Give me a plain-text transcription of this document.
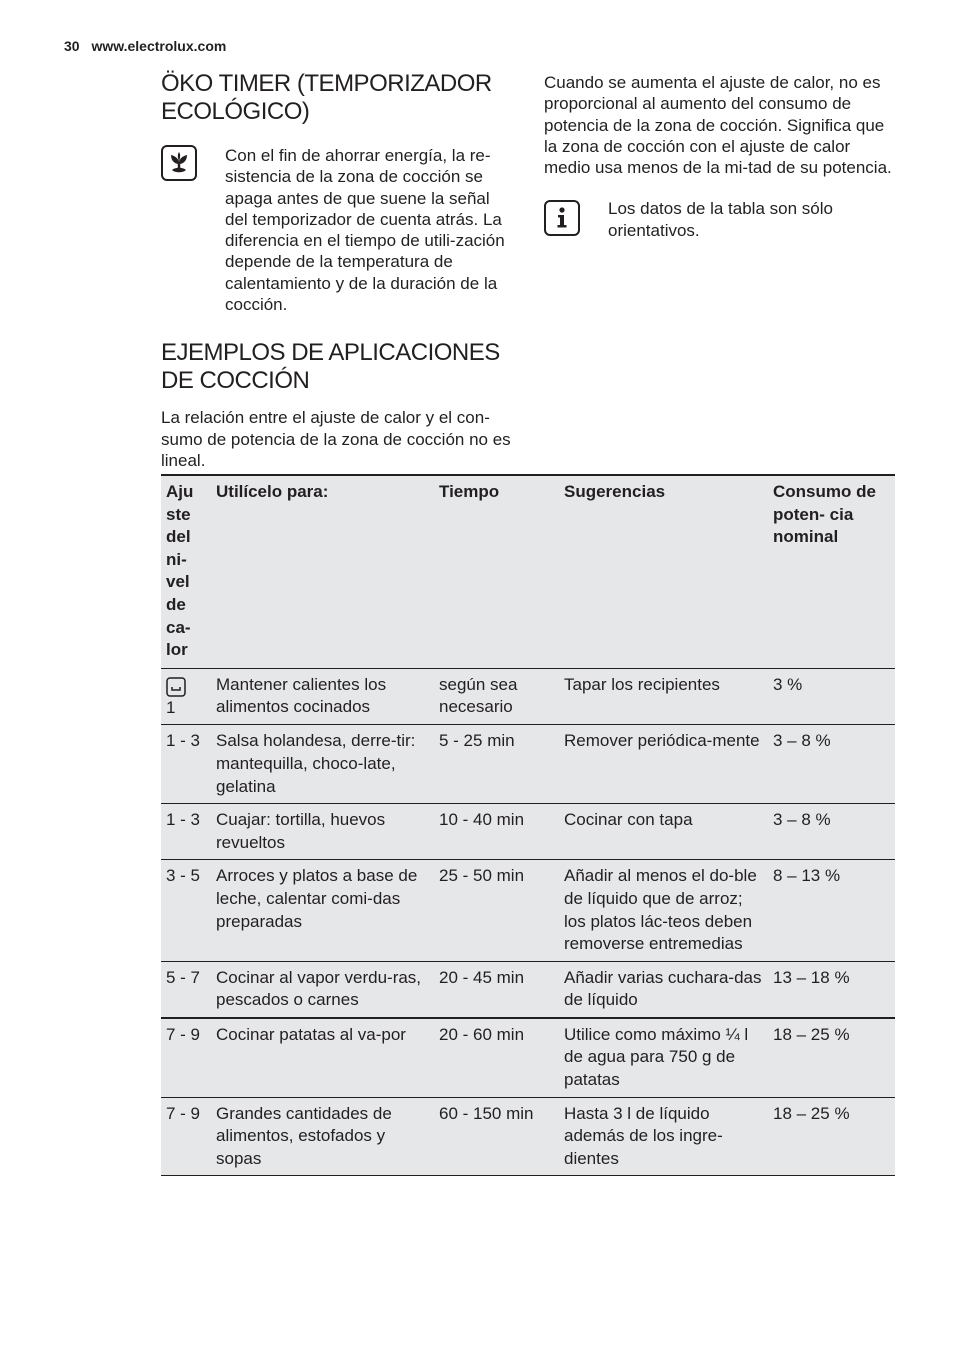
30 www.electrolux.com
ÖKO TIMER (TEMPORIZADOR
ECOLÓGICO)
Con el fin de ahorrar energía, la re-sistencia de la zona de cocción se apaga antes de que suene la señal del temporizador de cuenta atrás. La diferencia en el tiempo de utili-zación depende de la temperatura de calentamiento y de la duración de la cocción.
EJEMPLOS DE APLICACIONES
DE COCCIÓN
La relación entre el ajuste de calor y el con-sumo de potencia de la zona de cocción no es lineal.
Cuando se aumenta el ajuste de calor, no es proporcional al aumento del consumo de potencia de la zona de cocción. Significa que la zona de cocción con el ajuste de calor medio usa menos de la mi-tad de su potencia.
Los datos de la tabla son sólo orientativos.
Aju ste del ni- vel de ca- lor	Utilícelo para:	Tiempo	Sugerencias	Consumo de poten- cia nominal

1	Mantener calientes los alimentos cocinados	según sea necesario	Tapar los recipientes	3 %
1 - 3	Salsa holandesa, derre-tir: mantequilla, choco-late, gelatina	5 - 25 min	Remover periódica-mente	3 – 8 %
1 - 3	Cuajar: tortilla, huevos revueltos	10 - 40 min	Cocinar con tapa	3 – 8 %
3 - 5	Arroces y platos a base de leche, calentar comi-das preparadas	25 - 50 min	Añadir al menos el do-ble de líquido que de arroz; los platos lác-teos deben removerse entremedias	8 – 13 %
5 - 7	Cocinar al vapor verdu-ras, pescados o carnes	20 - 45 min	Añadir varias cuchara-das de líquido	13 – 18 %
7 - 9	Cocinar patatas al va-por	20 - 60 min	Utilice como máximo ¼ l de agua para 750 g de patatas	18 – 25 %
7 - 9	Grandes cantidades de alimentos, estofados y sopas	60 - 150 min	Hasta 3 l de líquido además de los ingre-dientes	18 – 25 %
